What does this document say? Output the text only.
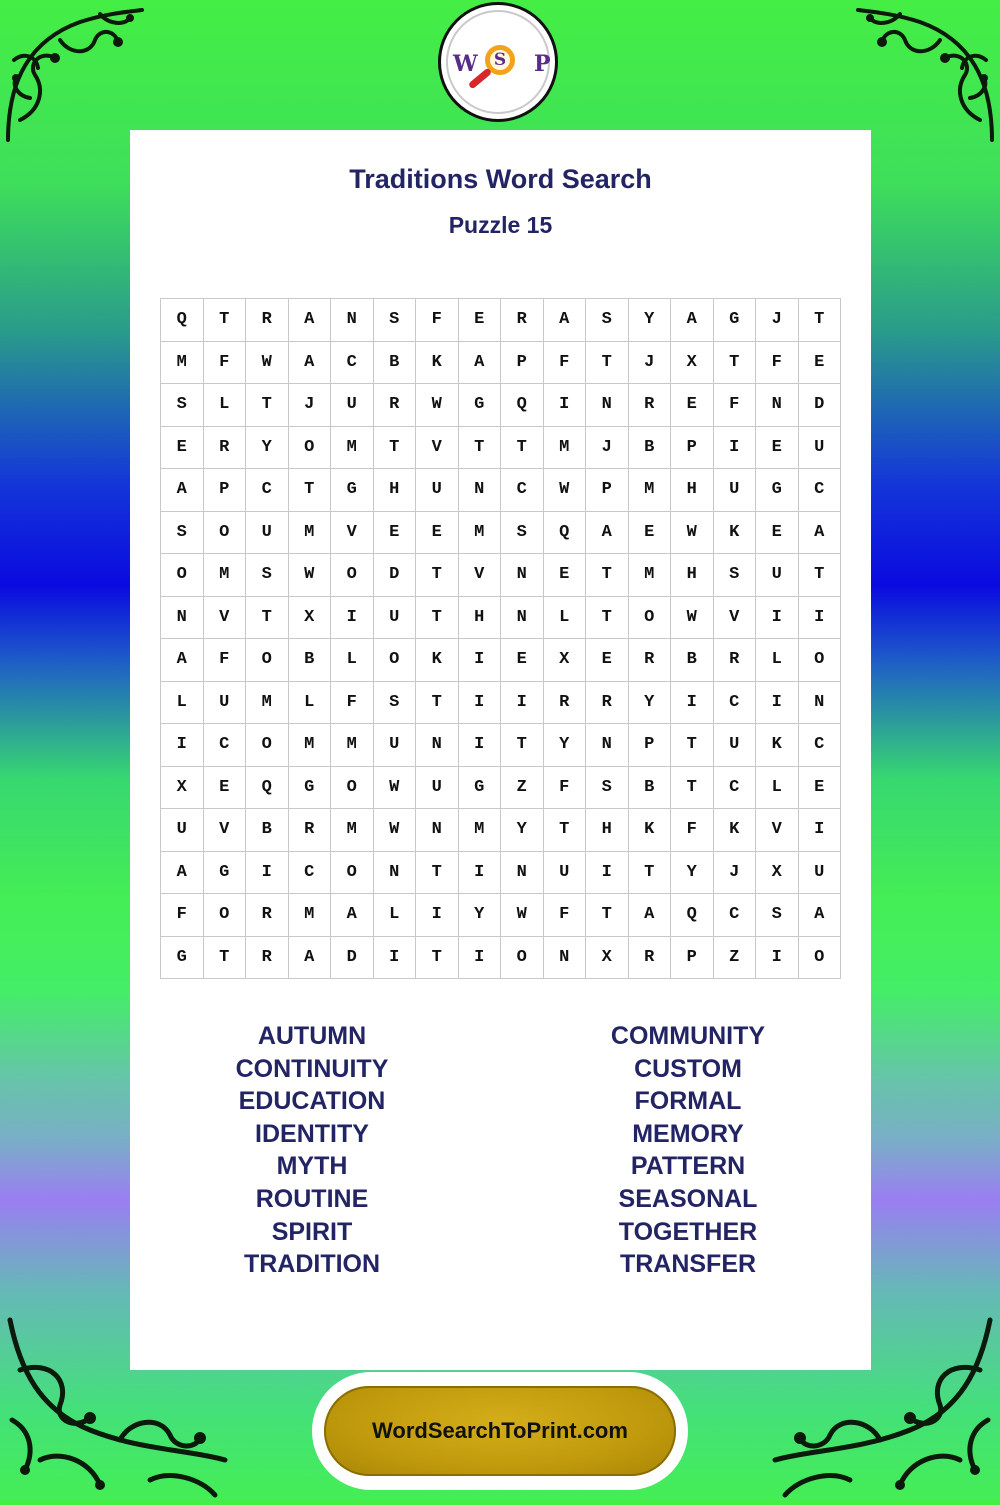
W S P
Traditions Word Search
Puzzle 15
Q	T	R	A	N	S	F	E	R	A	S	Y	A	G	J	T
M	F	W	A	C	B	K	A	P	F	T	J	X	T	F	E
S	L	T	J	U	R	W	G	Q	I	N	R	E	F	N	D
E	R	Y	O	M	T	V	T	T	M	J	B	P	I	E	U
A	P	C	T	G	H	U	N	C	W	P	M	H	U	G	C
S	O	U	M	V	E	E	M	S	Q	A	E	W	K	E	A
O	M	S	W	O	D	T	V	N	E	T	M	H	S	U	T
N	V	T	X	I	U	T	H	N	L	T	O	W	V	I	I
A	F	O	B	L	O	K	I	E	X	E	R	B	R	L	O
L	U	M	L	F	S	T	I	I	R	R	Y	I	C	I	N
I	C	O	M	M	U	N	I	T	Y	N	P	T	U	K	C
X	E	Q	G	O	W	U	G	Z	F	S	B	T	C	L	E
U	V	B	R	M	W	N	M	Y	T	H	K	F	K	V	I
A	G	I	C	O	N	T	I	N	U	I	T	Y	J	X	U
F	O	R	M	A	L	I	Y	W	F	T	A	Q	C	S	A
G	T	R	A	D	I	T	I	O	N	X	R	P	Z	I	O
AUTUMN
CONTINUITY
EDUCATION
IDENTITY
MYTH
ROUTINE
SPIRIT
TRADITION
COMMUNITY
CUSTOM
FORMAL
MEMORY
PATTERN
SEASONAL
TOGETHER
TRANSFER
WordSearchToPrint.com
